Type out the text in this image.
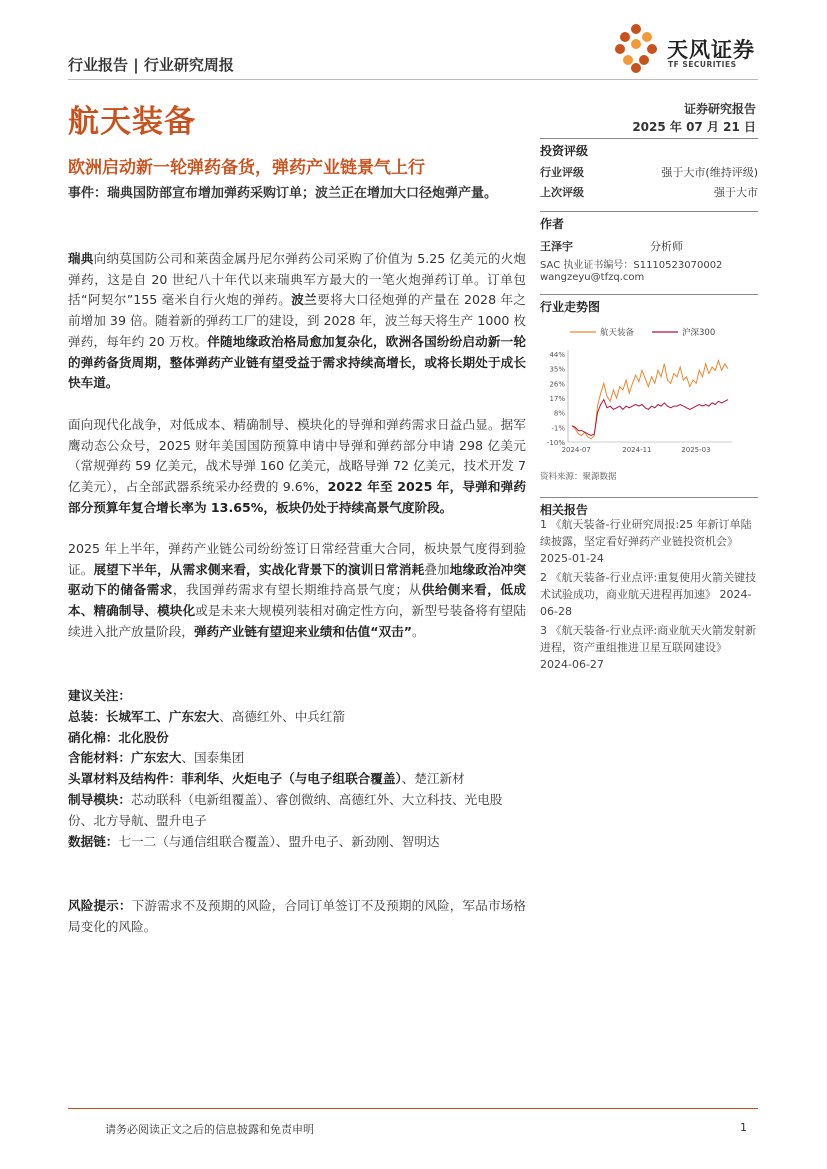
行业报告 | 行业研究周报
天风证券
TF SECURITIES
航天装备	证券研究报告
2025 年 07 月 21 日
欧洲启动新一轮弹药备货，弹药产业链景气上行
事件：瑞典国防部宣布增加弹药采购订单；波兰正在增加大口径炮弹产量。

瑞典向纳莫国防公司和莱茵金属丹尼尔弹药公司采购了价值为 5.25 亿美元的火炮弹药，这是自 20 世纪八十年代以来瑞典军方最大的一笔火炮弹药订单。订单包括“阿契尔”155 毫米自行火炮的弹药。波兰要将大口径炮弹的产量在 2028 年之前增加 39 倍。随着新的弹药工厂的建设，到 2028 年，波兰每天将生产 1000 枚弹药，每年约 20 万枚。伴随地缘政治格局愈加复杂化，欧洲各国纷纷启动新一轮的弹药备货周期，整体弹药产业链有望受益于需求持续高增长，或将长期处于成长快车道。

面向现代化战争，对低成本、精确制导、模块化的导弹和弹药需求日益凸显。据军鹰动态公众号，2025 财年美国国防预算申请中导弹和弹药部分申请 298 亿美元（常规弹药 59 亿美元，战术导弹 160 亿美元，战略导弹 72 亿美元，技术开发 7 亿美元），占全部武器系统采办经费的 9.6%，2022 年至 2025 年，导弹和弹药部分预算年复合增长率为 13.65%，板块仍处于持续高景气度阶段。

2025 年上半年，弹药产业链公司纷纷签订日常经营重大合同，板块景气度得到验证。展望下半年，从需求侧来看，实战化背景下的演训日常消耗叠加地缘政治冲突驱动下的储备需求，我国弹药需求有望长期维持高景气度；从供给侧来看，低成本、精确制导、模块化或是未来大规模列装相对确定性方向，新型号装备将有望陆续进入批产放量阶段，弹药产业链有望迎来业绩和估值“双击”。

建议关注：

总装：长城军工、广东宏大、高德红外、中兵红箭

硝化棉：北化股份

含能材料：广东宏大、国泰集团

头罩材料及结构件：菲利华、火炬电子（与电子组联合覆盖）、楚江新材

制导模块：芯动联科（电新组覆盖）、睿创微纳、高德红外、大立科技、光电股份、北方导航、盟升电子

数据链：七一二（与通信组联合覆盖）、盟升电子、新劲刚、智明达

风险提示：下游需求不及预期的风险，合同订单签订不及预期的风险，军品市场格局变化的风险。
投资评级
行业评级	强于大市(维持评级)
上次评级	强于大市
作者
王泽宇	分析师
SAC 执业证书编号：S1110523070002
wangzeyu@tfzq.com
行业走势图
航天装备	沪深300
44%
35%
26%
17%
8%
-1%
-10%
2024-07	2024-11	2025-03
资料来源：聚源数据
相关报告

1 《航天装备-行业研究周报:25 年新订单陆续披露，坚定看好弹药产业链投资机会》 2025-01-24

2 《航天装备-行业点评:重复使用火箭关键技术试验成功，商业航天进程再加速》 2024-06-28

3 《航天装备-行业点评:商业航天火箭发射新进程，资产重组推进卫星互联网建设》 2024-06-27

请务必阅读正文之后的信息披露和免责申明	1
